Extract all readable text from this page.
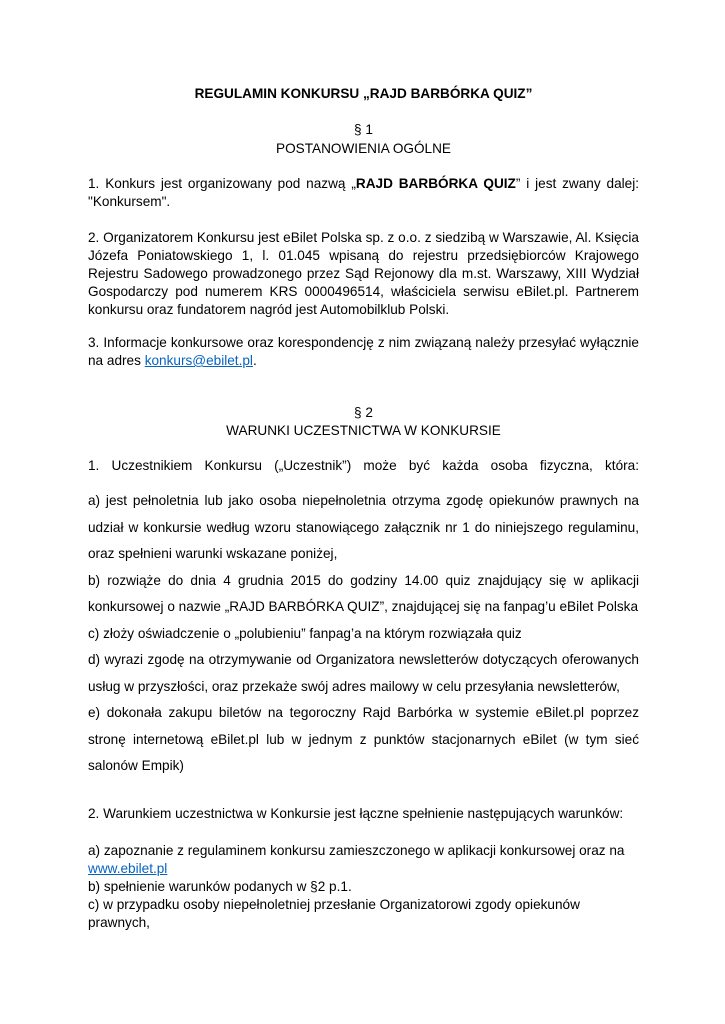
REGULAMIN KONKURSU „RAJD BARBÓRKA QUIZ”

§ 1

POSTANOWIENIA OGÓLNE

1. Konkurs jest organizowany pod nazwą „RAJD BARBÓRKA QUIZ” i jest zwany dalej: "Konkursem".

2. Organizatorem Konkursu jest eBilet Polska sp. z o.o. z siedzibą w Warszawie, Al. Księcia Józefa Poniatowskiego 1, l. 01.045 wpisaną do rejestru przedsiębiorców Krajowego Rejestru Sadowego prowadzonego przez Sąd Rejonowy dla m.st. Warszawy, XIII Wydział Gospodarczy pod numerem KRS 0000496514, właściciela serwisu eBilet.pl. Partnerem konkursu oraz fundatorem nagród jest Automobilklub Polski.

3. Informacje konkursowe oraz korespondencję z nim związaną należy przesyłać wyłącznie na adres konkurs@ebilet.pl.

§ 2

WARUNKI UCZESTNICTWA W KONKURSIE

1. Uczestnikiem Konkursu („Uczestnik”) może być każda osoba fizyczna, która:

a) jest pełnoletnia lub jako osoba niepełnoletnia otrzyma zgodę opiekunów prawnych na udział w konkursie według wzoru stanowiącego załącznik nr 1 do niniejszego regulaminu, oraz spełnieni warunki wskazane poniżej,
b) rozwiąże do dnia 4 grudnia 2015 do godziny 14.00 quiz znajdujący się w aplikacji konkursowej o nazwie „RAJD BARBÓRKA QUIZ”, znajdującej się na fanpag’u eBilet Polska
c) złoży oświadczenie o „polubieniu” fanpag’a na którym rozwiązała quiz
d) wyrazi zgodę na otrzymywanie od Organizatora newsletterów dotyczących oferowanych usług w przyszłości, oraz przekaże swój adres mailowy w celu przesyłania newsletterów,
e) dokonała zakupu biletów na tegoroczny Rajd Barbórka w systemie eBilet.pl poprzez stronę internetową eBilet.pl lub w jednym z punktów stacjonarnych eBilet (w tym sieć salonów Empik)

2. Warunkiem uczestnictwa w Konkursie jest łączne spełnienie następujących warunków:

a) zapoznanie z regulaminem konkursu zamieszczonego w aplikacji konkursowej oraz na www.ebilet.pl
b) spełnienie warunków podanych w §2 p.1.
c) w przypadku osoby niepełnoletniej przesłanie Organizatorowi zgody opiekunów prawnych,
